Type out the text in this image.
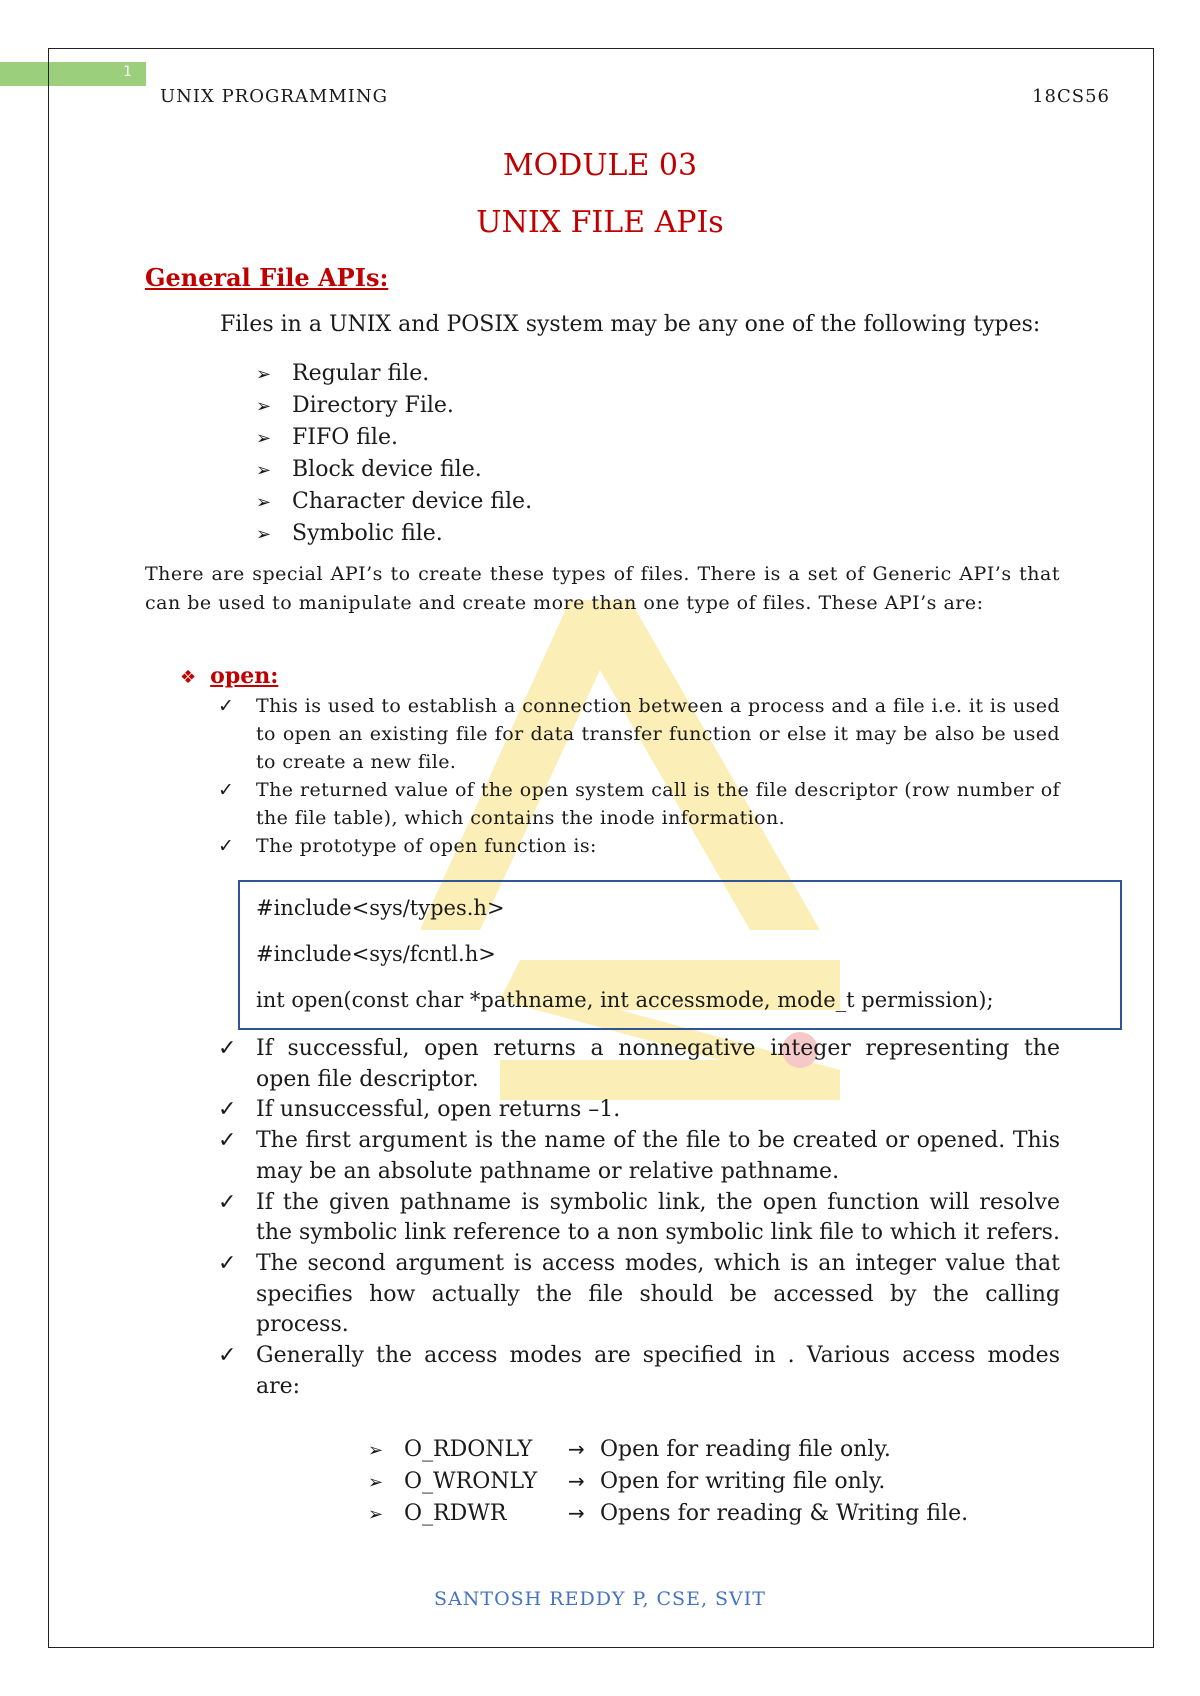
1
UNIX PROGRAMMING	18CS56
MODULE 03
UNIX FILE APIs
General File APIs:
Files in a UNIX and POSIX system may be any one of the following types:
➢ Regular file.
➢ Directory File.
➢ FIFO file.
➢ Block device file.
➢ Character device file.
➢ Symbolic file.
There are special API’s to create these types of files. There is a set of Generic API’s that can be used to manipulate and create more than one type of files. These API’s are:
❖ open:
✓ This is used to establish a connection between a process and a file i.e. it is used to open an existing file for data transfer function or else it may be also be used to create a new file.
✓ The returned value of the open system call is the file descriptor (row number of the file table), which contains the inode information.
✓ The prototype of open function is:
#include<sys/types.h>
#include<sys/fcntl.h>
int open(const char *pathname, int accessmode, mode_t permission);
✓ If successful, open returns a nonnegative integer representing the open file descriptor.
✓ If unsuccessful, open returns –1.
✓ The first argument is the name of the file to be created or opened. This may be an absolute pathname or relative pathname.
✓ If the given pathname is symbolic link, the open function will resolve the symbolic link reference to a non symbolic link file to which it refers.
✓ The second argument is access modes, which is an integer value that specifies how actually the file should be accessed by the calling process.
✓ Generally the access modes are specified in . Various access modes are:
➢ O_RDONLY → Open for reading file only.
➢ O_WRONLY → Open for writing file only.
➢ O_RDWR	→ Opens for reading & Writing file.
SANTOSH REDDY P, CSE, SVIT
